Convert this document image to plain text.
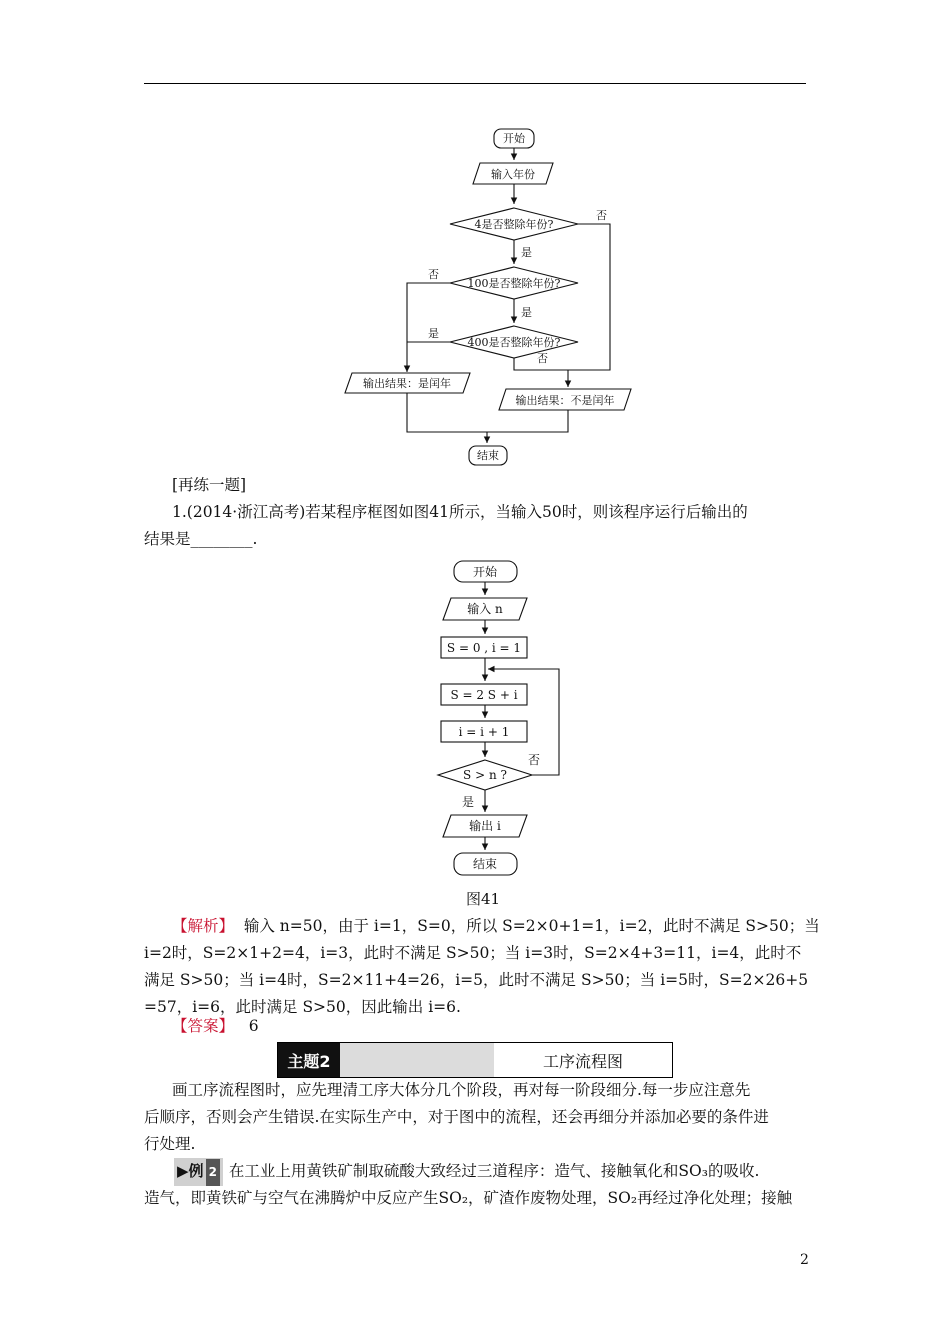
开始
输入年份
4是否整除年份?
是
否
100是否整除年份?
否
是
400是否整除年份?
是
否
输出结果：是闰年
输出结果：不是闰年
结束
[再练一题]
1.(2014·浙江高考)若某程序框图如图41所示，当输入50时，则该程序运行后输出的
结果是________.
开始
输入 n
S = 0 , i = 1
S = 2 S + i
i = i + 1
S > n ?
否
是
输出 i
结束
图41
【解析】 输入 n=50，由于 i=1，S=0，所以 S=2×0+1=1，i=2，此时不满足 S>50；当
i=2时，S=2×1+2=4，i=3，此时不满足 S>50；当 i=3时，S=2×4+3=11，i=4，此时不
满足 S>50；当 i=4时，S=2×11+4=26，i=5，此时不满足 S>50；当 i=5时，S=2×26+5
=57，i=6，此时满足 S>50，因此输出 i=6.
【答案】 6
主题2	工序流程图
画工序流程图时，应先理清工序大体分几个阶段，再对每一阶段细分.每一步应注意先
后顺序，否则会产生错误.在实际生产中，对于图中的流程，还会再细分并添加必要的条件进
行处理.
▶例 2 在工业上用黄铁矿制取硫酸大致经过三道程序：造气、接触氧化和SO₃的吸收.
造气，即黄铁矿与空气在沸腾炉中反应产生SO₂，矿渣作废物处理，SO₂再经过净化处理；接触
2
